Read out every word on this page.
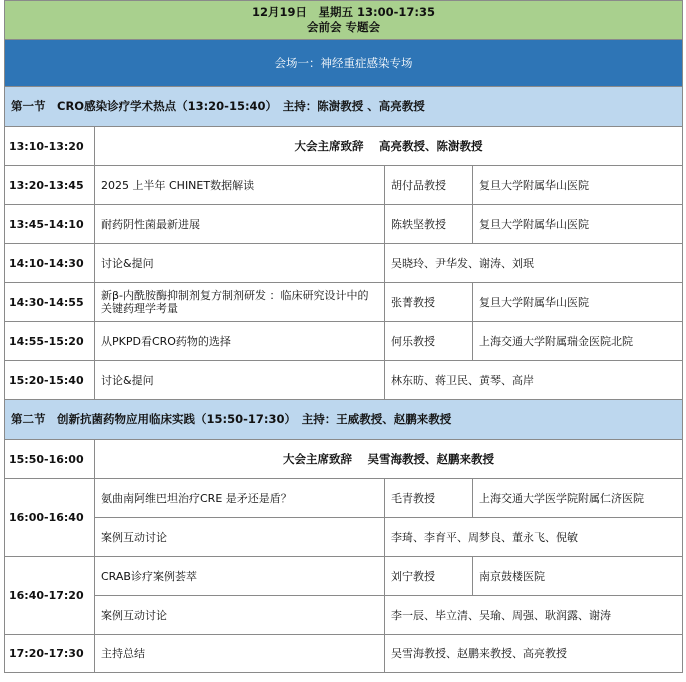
12月19日　星期五 13:00-17:35
会前会 专题会			

会场一：神经重症感染专场			
第一节　CRO感染诊疗学术热点（13:20-15:40）　主持：陈澍教授 、高亮教授			
13:10-13:20	大会主席致辞　 高亮教授、陈澍教授		
13:20-13:45	2025 上半年 CHINET数据解读	胡付品教授	复旦大学附属华山医院
13:45-14:10	耐药阴性菌最新进展	陈轶坚教授	复旦大学附属华山医院
14:10-14:30	讨论&提问	吴晓玲、尹华发、谢涛、刘珉	
14:30-14:55	新β-内酰胺酶抑制剂复方制剂研发 ：临床研究设计中的关键药理学考量	张菁教授	复旦大学附属华山医院
14:55-15:20	从PKPD看CRO药物的选择	何乐教授	上海交通大学附属瑞金医院北院
15:20-15:40	讨论&提问	林东昉、蒋卫民、黄琴、高岸	
第二节　创新抗菌药物应用临床实践（15:50-17:30）　主持：王威教授、赵鹏来教授			
15:50-16:00	大会主席致辞　 吴雪海教授、赵鹏来教授		
16:00-16:40	氨曲南阿维巴坦治疗CRE 是矛还是盾？	毛青教授	上海交通大学医学院附属仁济医院
	案例互动讨论	李琦、李育平、周梦良、董永飞、倪敏	
16:40-17:20	CRAB诊疗案例荟萃	刘宁教授	南京鼓楼医院
	案例互动讨论	李一辰、毕立清、吴瑜、周强、耿润露、谢涛	
17:20-17:30	主持总结	吴雪海教授、赵鹏来教授、高亮教授	
